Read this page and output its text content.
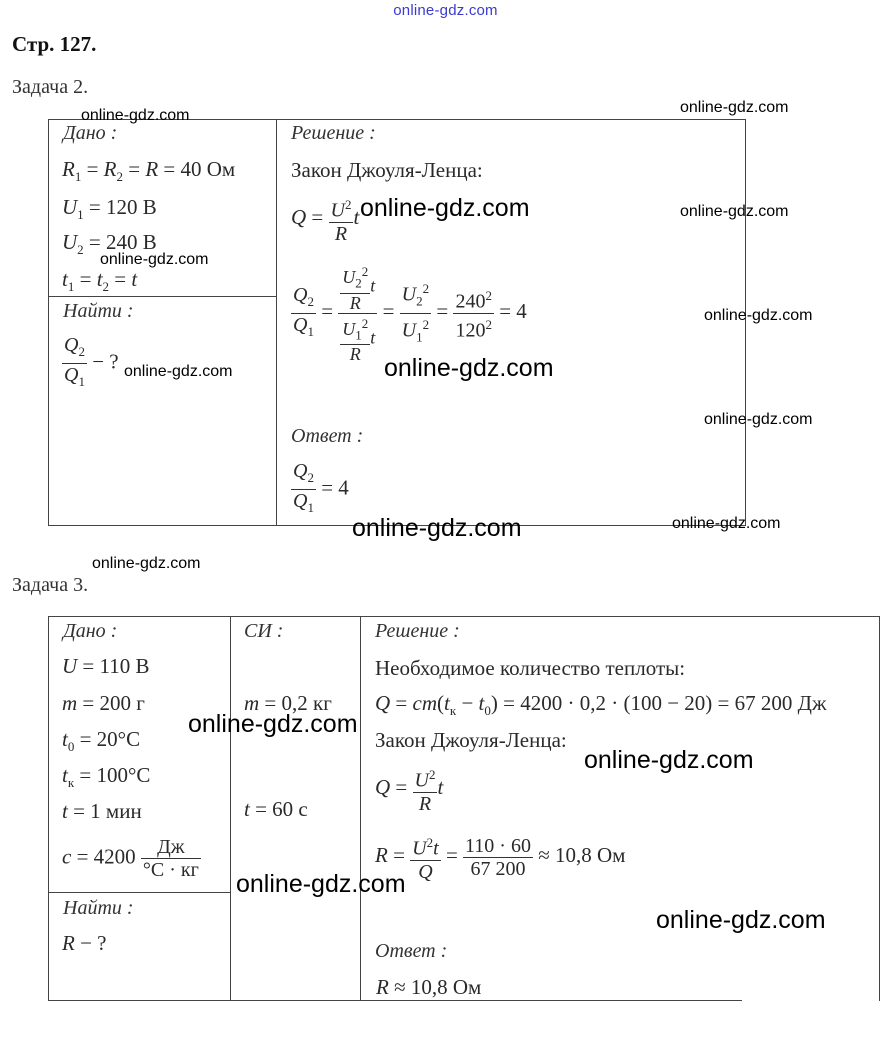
online-gdz.com
Стр. 127.
Задача 2.
Дано :
$R_1 = R_2 = R = 40$ Ом
$U_1 = 120$ В
$U_2 = 240$ В
$t_1 = t_2 = t$
Найти :
$\frac{Q_2}{Q_1}$ − ?
Решение :
Закон Джоуля-Ленца:
$Q = \frac{U^2}{R}$ t
$\frac{Q_2}{Q_1} = \frac{\frac{U_2^2}{R} t}{\frac{U_1^2}{R} t} = \frac{U_2^2}{U_1^2} = \frac{240^2}{120^2} = 4$
Ответ :
$\frac{Q_2}{Q_1} = 4$
Задача 3.
Дано :
U = 110 В
m = 200 г
$t_0 = 20^\circ С$
$t_к = 100^\circ С$
t = 1 мин
$c = 4200 \frac{Дж}{^\circ С \cdot кг}$
Найти :
R − ?
СИ :
m = 0,2 кг
t = 60 с
Решение :
Необходимое количество теплоты:
$Q = cm(t_к - t_0) = 4200 \cdot 0,2 \cdot (100 - 20) = 67$ 200 Дж
Закон Джоуля-Ленца:
$Q = \frac{U^2}{R}$ t
$R = \frac{U^2t}{Q} = \frac{110 \cdot 60}{67 200} \approx 10,8$ Ом
Ответ :
R ≈ 10,8 Ом
online-gdz.com	online-gdz.com
online-gdz.com	online-gdz.com
online-gdz.com
online-gdz.com
online-gdz.com	online-gdz.com
online-gdz.com
online-gdz.com	online-gdz.com
online-gdz.com
online-gdz.com
online-gdz.com
online-gdz.com
online-gdz.com
